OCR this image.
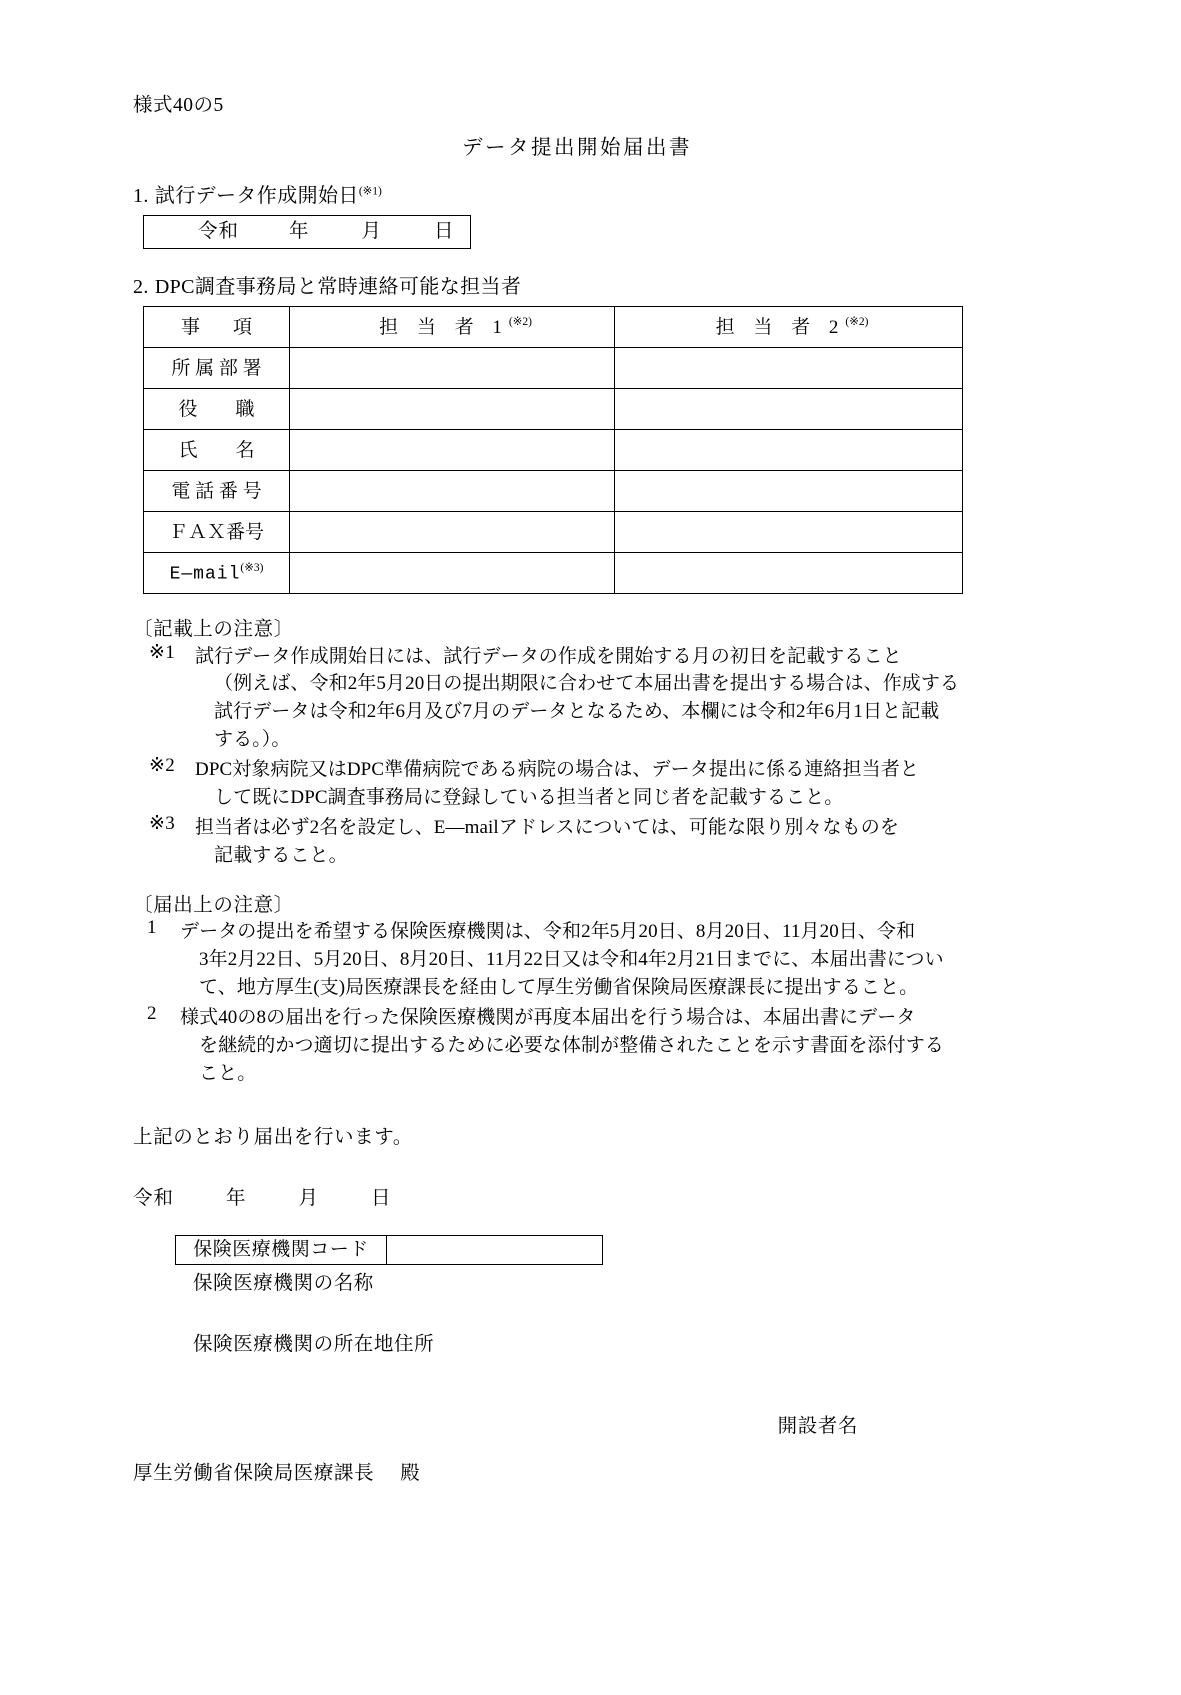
様式40の5
データ提出開始届出書
1. 試行データ作成開始日$^{(※1)}$
令和	年	月	日
2. DPC調査事務局と常時連絡可能な担当者
事　項	担 当 者 1$^{(※2)}$	担 当 者 2$^{(※2)}$
所 属 部 署		
役　　職		
氏　　名		
電 話 番 号		
ＦＡＸ番号		
E—mail$^{(※3)}$		
〔記載上の注意〕
※1	試行データ作成開始日には、試行データの作成を開始する月の初日を記載すること
（例えば、令和2年5月20日の提出期限に合わせて本届出書を提出する場合は、作成する
試行データは令和2年6月及び7月のデータとなるため、本欄には令和2年6月1日と記載
する。）。
※2	DPC対象病院又はDPC準備病院である病院の場合は、データ提出に係る連絡担当者と
して既にDPC調査事務局に登録している担当者と同じ者を記載すること。
※3	担当者は必ず2名を設定し、E—mailアドレスについては、可能な限り別々なものを
記載すること。
〔届出上の注意〕
1	データの提出を希望する保険医療機関は、令和2年5月20日、8月20日、11月20日、令和
3年2月22日、5月20日、8月20日、11月22日又は令和4年2月21日までに、本届出書につい
て、地方厚生(支)局医療課長を経由して厚生労働省保険局医療課長に提出すること。
2	様式40の8の届出を行った保険医療機関が再度本届出を行う場合は、本届出書にデータ
を継続的かつ適切に提出するために必要な体制が整備されたことを示す書面を添付する
こと。
上記のとおり届出を行います。
令和	年	月	日
保険医療機関コード
保険医療機関の名称
保険医療機関の所在地住所
開設者名
厚生労働省保険局医療課長 殿
